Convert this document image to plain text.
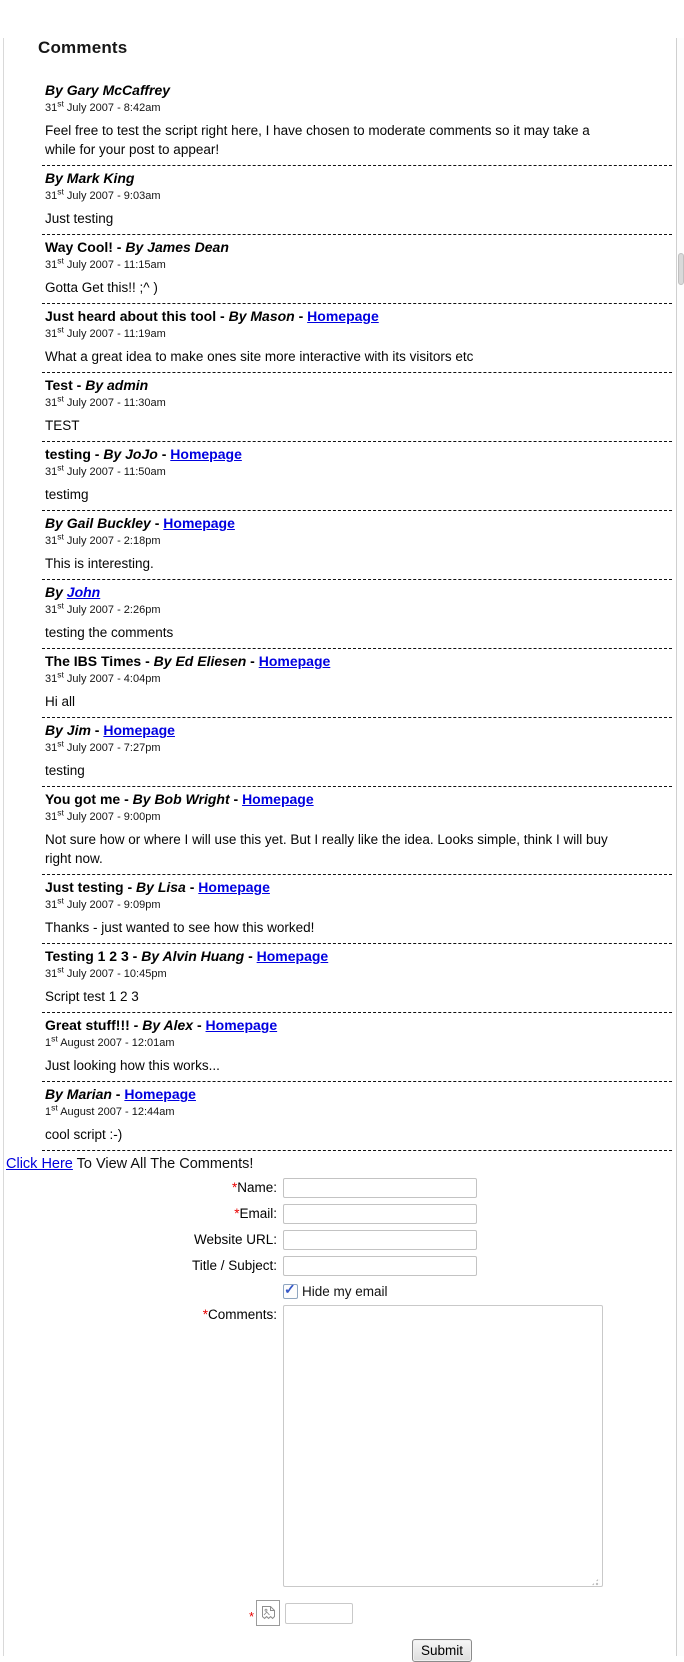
Comments
By Gary McCaffrey
31st July 2007 - 8:42am
Feel free to test the script right here, I have chosen to moderate comments so it may take a while for your post to appear!
By Mark King
31st July 2007 - 9:03am
Just testing
Way Cool! - By James Dean
31st July 2007 - 11:15am
Gotta Get this!! ;^ )
Just heard about this tool - By Mason - Homepage
31st July 2007 - 11:19am
What a great idea to make ones site more interactive with its visitors etc
Test - By admin
31st July 2007 - 11:30am
TEST
testing - By JoJo - Homepage
31st July 2007 - 11:50am
testimg
By Gail Buckley - Homepage
31st July 2007 - 2:18pm
This is interesting.
By John
31st July 2007 - 2:26pm
testing the comments
The IBS Times - By Ed Eliesen - Homepage
31st July 2007 - 4:04pm
Hi all
By Jim - Homepage
31st July 2007 - 7:27pm
testing
You got me - By Bob Wright - Homepage
31st July 2007 - 9:00pm
Not sure how or where I will use this yet. But I really like the idea. Looks simple, think I will buy right now.
Just testing - By Lisa - Homepage
31st July 2007 - 9:09pm
Thanks - just wanted to see how this worked!
Testing 1 2 3 - By Alvin Huang - Homepage
31st July 2007 - 10:45pm
Script test 1 2 3
Great stuff!!! - By Alex - Homepage
1st August 2007 - 12:01am
Just looking how this works...
By Marian - Homepage
1st August 2007 - 12:44am
cool script :-)
Click Here To View All The Comments!
*Name:
*Email:
Website URL:
Title / Subject:
✓ Hide my email
*Comments:
*
Submit
